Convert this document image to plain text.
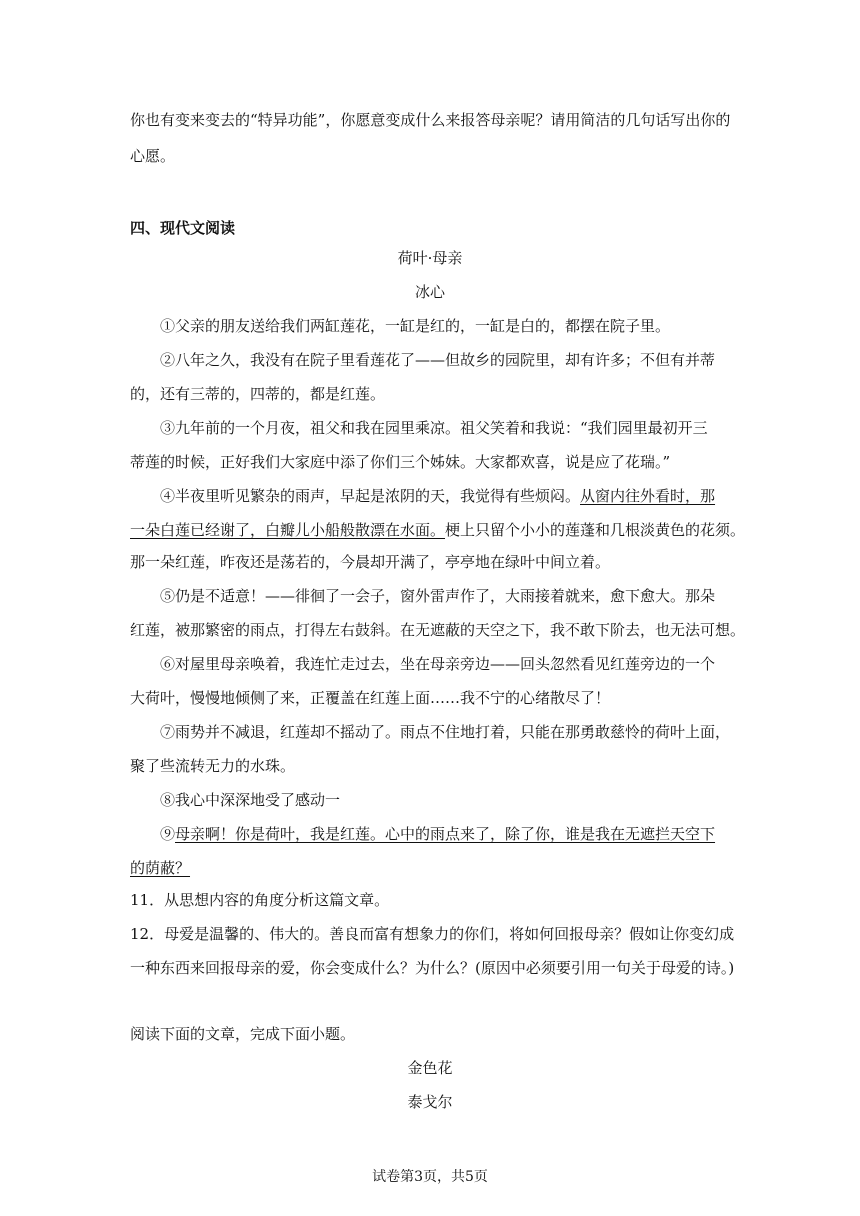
你也有变来变去的“特异功能”，你愿意变成什么来报答母亲呢？请用简洁的几句话写出你的
心愿。
四、现代文阅读
荷叶·母亲
冰心
①父亲的朋友送给我们两缸莲花，一缸是红的，一缸是白的，都摆在院子里。
②八年之久，我没有在院子里看莲花了——但故乡的园院里，却有许多；不但有并蒂
的，还有三蒂的，四蒂的，都是红莲。
③九年前的一个月夜，祖父和我在园里乘凉。祖父笑着和我说：“我们园里最初开三
蒂莲的时候，正好我们大家庭中添了你们三个姊妹。大家都欢喜，说是应了花瑞。”
④半夜里听见繁杂的雨声，早起是浓阴的天，我觉得有些烦闷。从窗内往外看时，那
一朵白莲已经谢了，白瓣儿小船般散漂在水面。梗上只留个小小的莲蓬和几根淡黄色的花须。
那一朵红莲，昨夜还是荡若的，今晨却开满了，亭亭地在绿叶中间立着。
⑤仍是不适意！——徘徊了一会子，窗外雷声作了，大雨接着就来，愈下愈大。那朵
红莲，被那繁密的雨点，打得左右鼓斜。在无遮蔽的天空之下，我不敢下阶去，也无法可想。
⑥对屋里母亲唤着，我连忙走过去，坐在母亲旁边——回头忽然看见红莲旁边的一个
大荷叶，慢慢地倾侧了来，正覆盖在红莲上面……我不宁的心绪散尽了！
⑦雨势并不减退，红莲却不摇动了。雨点不住地打着，只能在那勇敢慈怜的荷叶上面，
聚了些流转无力的水珠。
⑧我心中深深地受了感动一
⑨母亲啊！你是荷叶，我是红莲。心中的雨点来了，除了你，谁是我在无遮拦天空下
的荫蔽？
11．从思想内容的角度分析这篇文章。
12．母爱是温馨的、伟大的。善良而富有想象力的你们，将如何回报母亲？假如让你变幻成
一种东西来回报母亲的爱，你会变成什么？为什么？(原因中必须要引用一句关于母爱的诗。)
阅读下面的文章，完成下面小题。
金色花
泰戈尔
试卷第3页，共5页
